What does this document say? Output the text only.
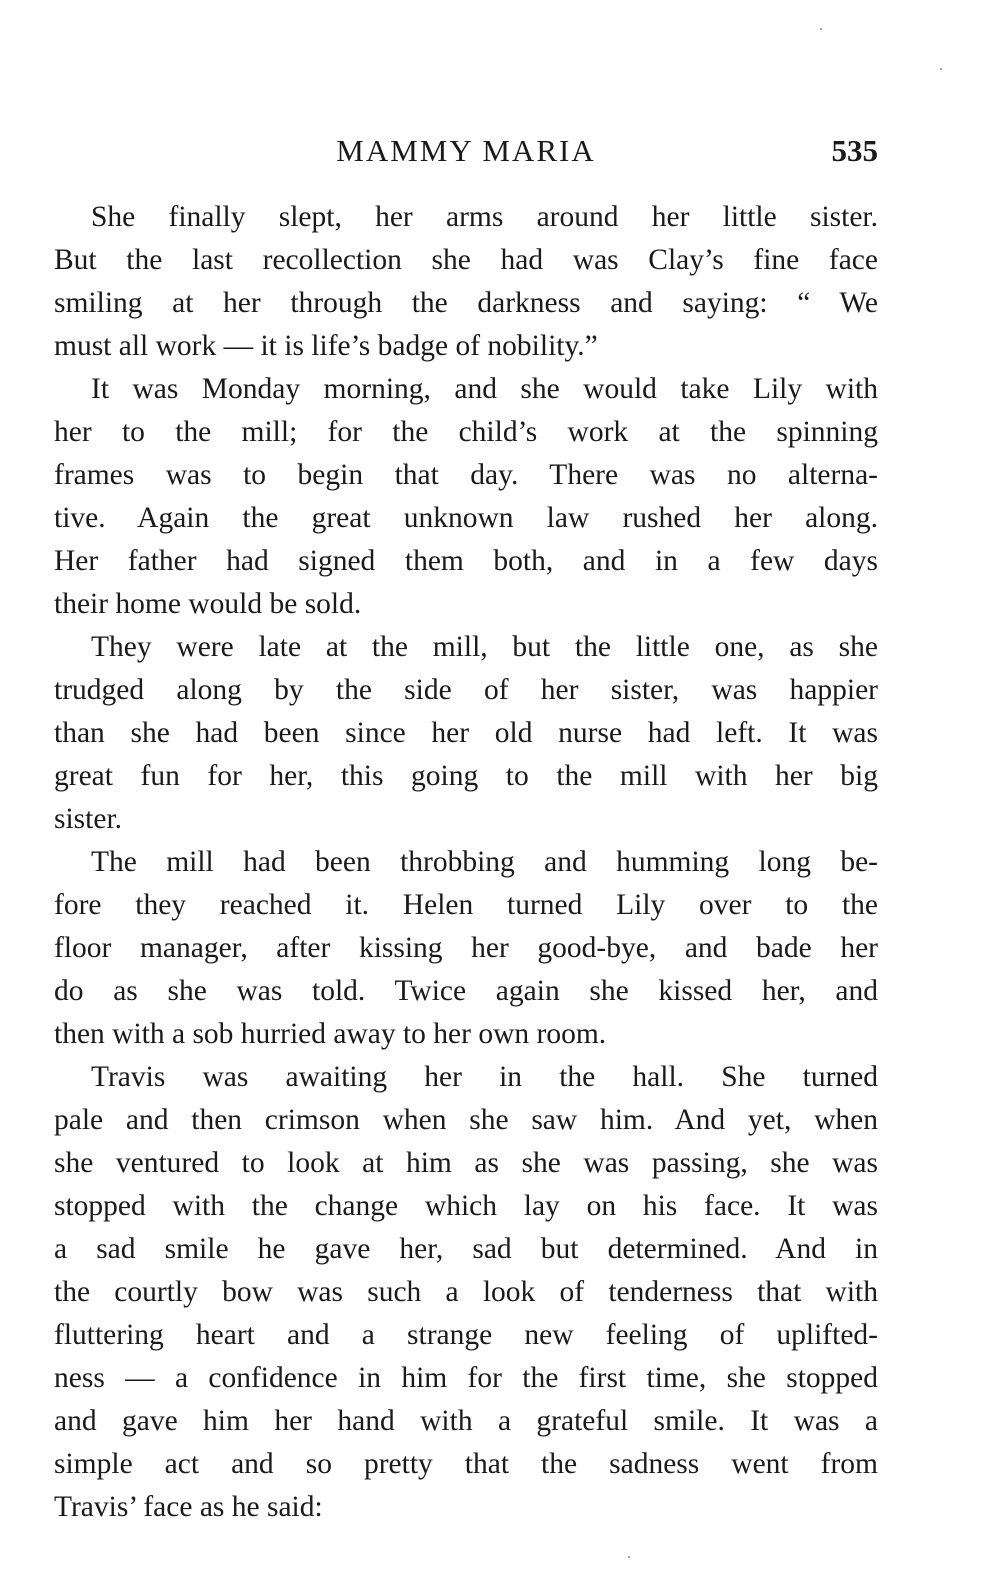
MAMMY MARIA	535
She finally slept, her arms around her little sister.
But the last recollection she had was Clay’s fine face
smiling at her through the darkness and saying: “ We
must all work — it is life’s badge of nobility.”
It was Monday morning, and she would take Lily with
her to the mill; for the child’s work at the spinning
frames was to begin that day. There was no alterna-
tive. Again the great unknown law rushed her along.
Her father had signed them both, and in a few days
their home would be sold.
They were late at the mill, but the little one, as she
trudged along by the side of her sister, was happier
than she had been since her old nurse had left. It was
great fun for her, this going to the mill with her big
sister.
The mill had been throbbing and humming long be-
fore they reached it. Helen turned Lily over to the
floor manager, after kissing her good-bye, and bade her
do as she was told. Twice again she kissed her, and
then with a sob hurried away to her own room.
Travis was awaiting her in the hall. She turned
pale and then crimson when she saw him. And yet, when
she ventured to look at him as she was passing, she was
stopped with the change which lay on his face. It was
a sad smile he gave her, sad but determined. And in
the courtly bow was such a look of tenderness that with
fluttering heart and a strange new feeling of uplifted-
ness — a confidence in him for the first time, she stopped
and gave him her hand with a grateful smile. It was a
simple act and so pretty that the sadness went from
Travis’ face as he said:
